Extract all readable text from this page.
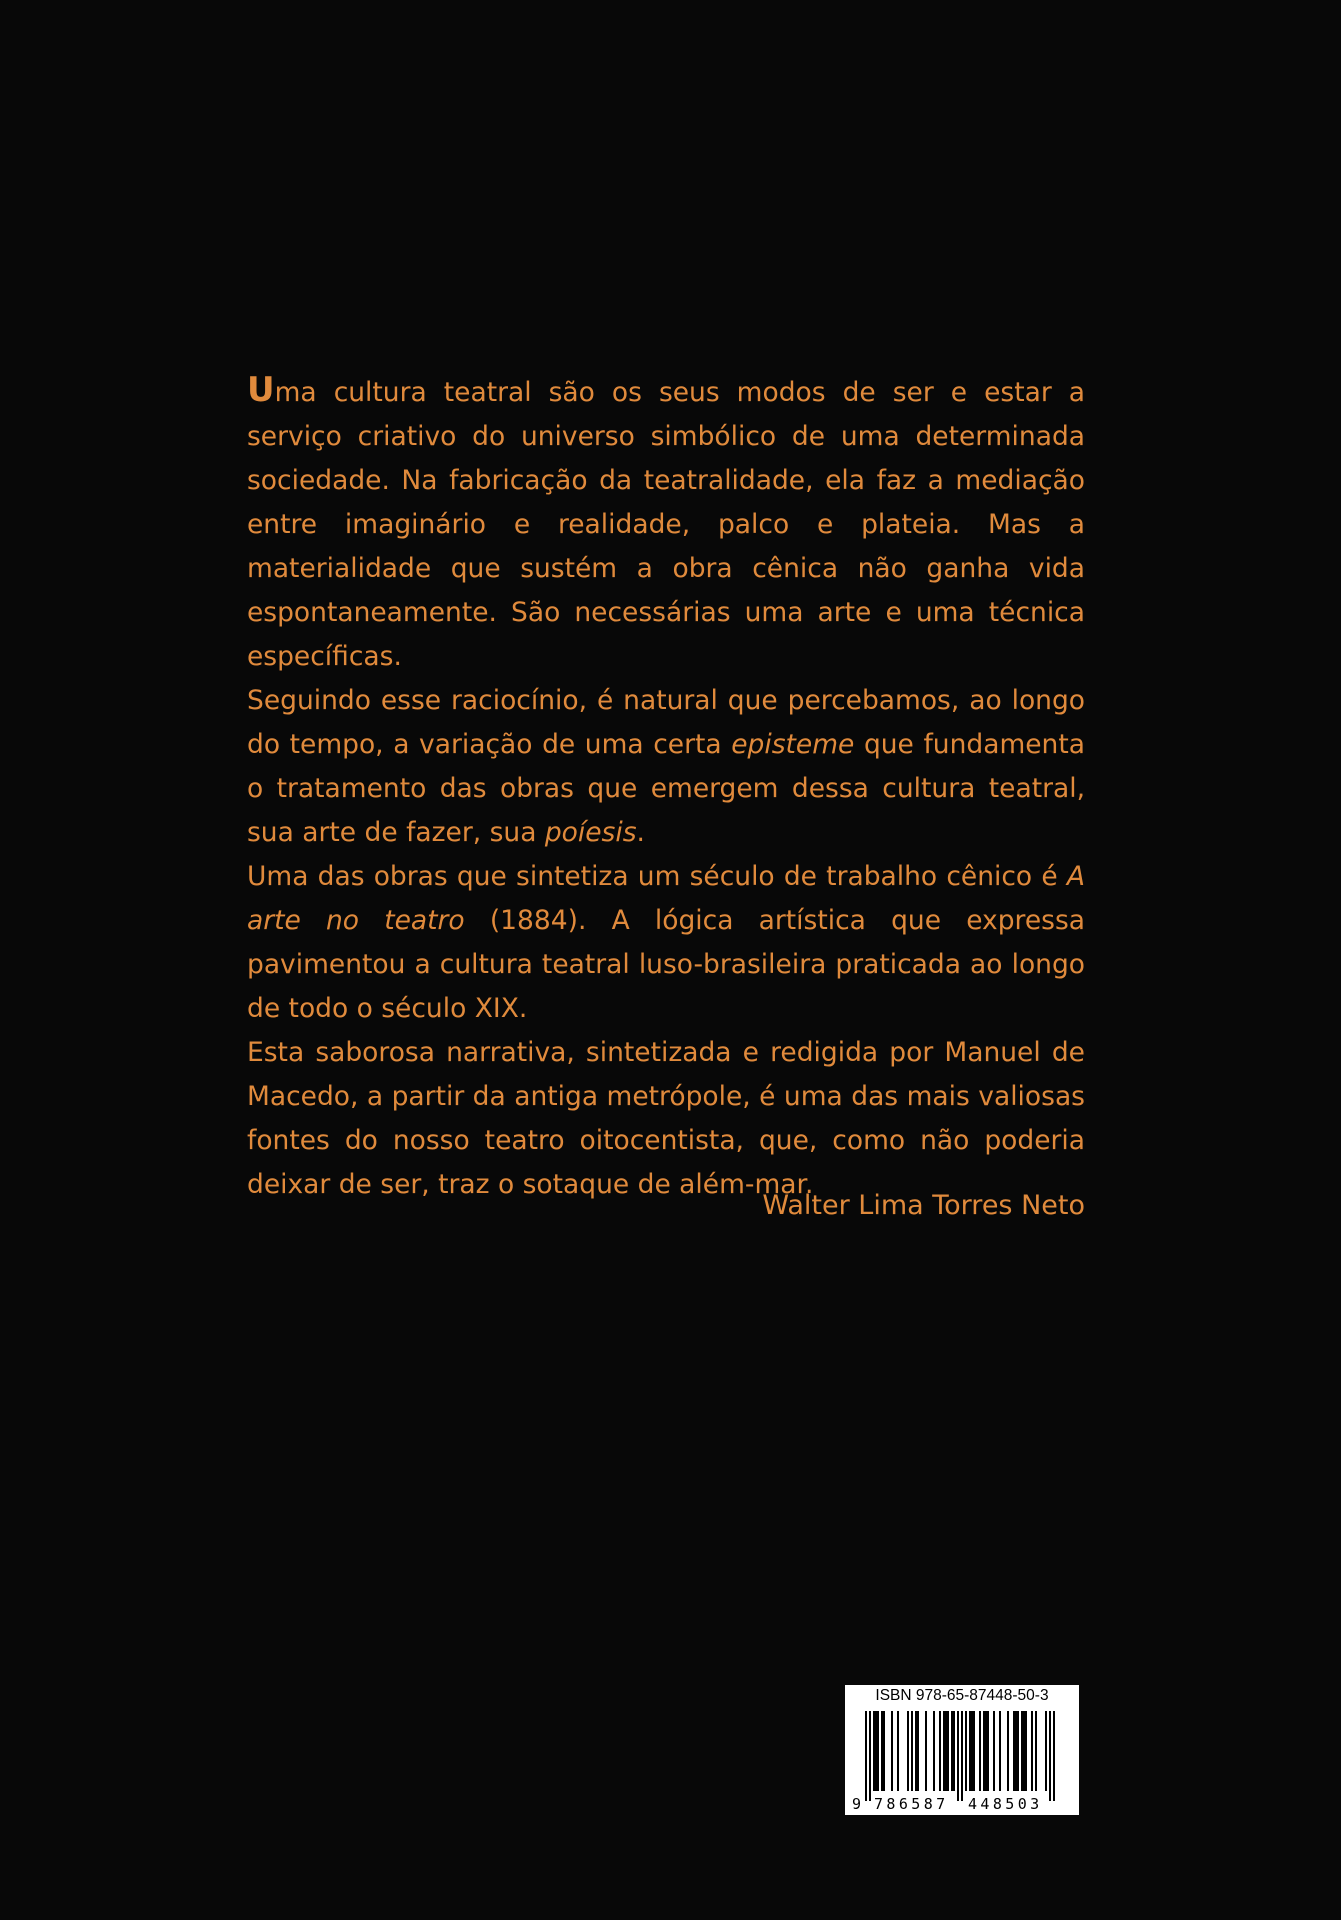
Uma cultura teatral são os seus modos de ser e estar a serviço criativo do universo simbólico de uma determinada sociedade. Na fabricação da teatralidade, ela faz a mediação entre imaginário e realidade, palco e plateia. Mas a materialidade que sustém a obra cênica não ganha vida espontaneamente. São necessárias uma arte e uma técnica específicas.

Seguindo esse raciocínio, é natural que percebamos, ao longo do tempo, a variação de uma certa episteme que fundamenta o tratamento das obras que emergem dessa cultura teatral, sua arte de fazer, sua poíesis.

Uma das obras que sintetiza um século de trabalho cênico é A arte no teatro (1884). A lógica artística que expressa pavimentou a cultura teatral luso-brasileira praticada ao longo de todo o século XIX.

Esta saborosa narrativa, sintetizada e redigida por Manuel de Macedo, a partir da antiga metrópole, é uma das mais valiosas fontes do nosso teatro oitocentista, que, como não poderia deixar de ser, traz o sotaque de além-mar.

Walter Lima Torres Neto
ISBN 978-65-87448-50-3
9 786587 448503
